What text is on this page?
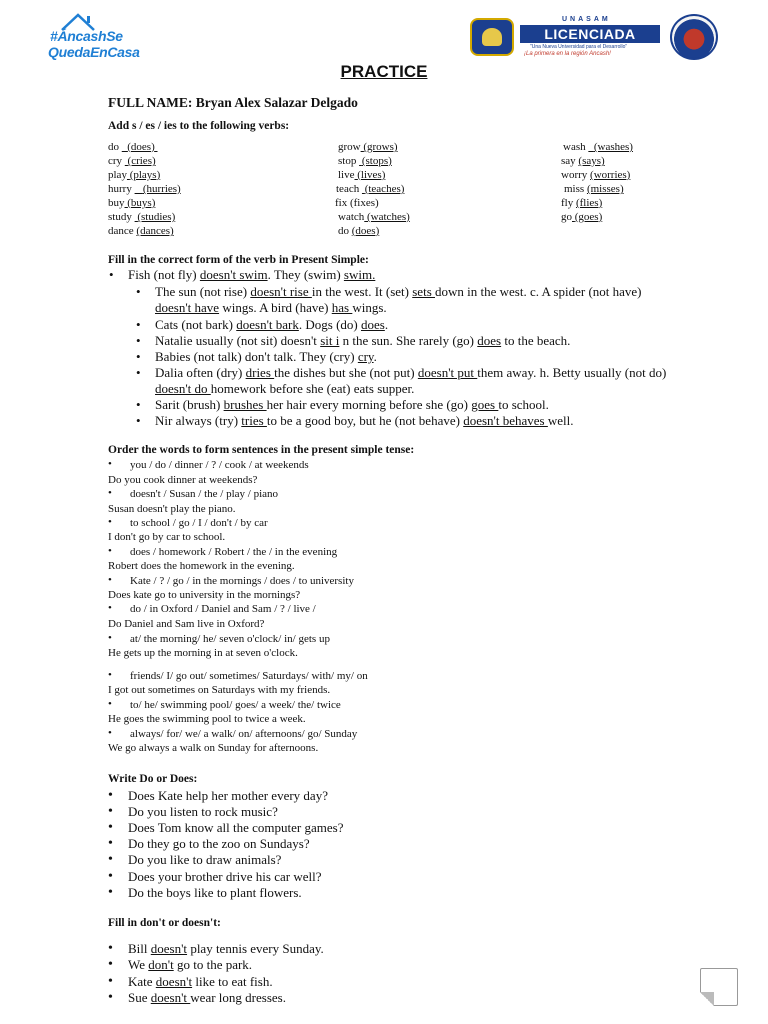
#ÁncashSe
QuedaEnCasa
UNASAM
LICENCIADA
"Una Nueva Universidad para el Desarrollo"
¡La primera en la región Ancash!
PRACTICE
FULL NAME: Bryan Alex Salazar Delgado
Add s / es / ies to the following verbs:
do (does)
cry (cries)
play (plays)
hurry (hurries)
buy (buys)
study (studies)
dance (dances)
grow (grows)
stop (stops)
live (lives)
teach (teaches)
fix (fixes)
watch (watches)
do (does)
wash (washes)
say (says)
worry (worries)
miss (misses)
fly (flies)
go (goes)
Fill in the correct form of the verb in Present Simple:
• Fish (not fly) doesn't swim. They (swim) swim.
• The sun (not rise) doesn't rise in the west. It (set) sets down in the west. c. A spider (not have)
doesn't have wings. A bird (have) has wings.
• Cats (not bark) doesn't bark. Dogs (do) does.
• Natalie usually (not sit) doesn't sit i n the sun. She rarely (go) does to the beach.
• Babies (not talk) don't talk. They (cry) cry.
• Dalia often (dry) dries the dishes but she (not put) doesn't put them away. h. Betty usually (not do)
doesn't do homework before she (eat) eats supper.
• Sarit (brush) brushes her hair every morning before she (go) goes to school.
• Nir always (try) tries to be a good boy, but he (not behave) doesn't behaves well.
Order the words to form sentences in the present simple tense:
• you / do / dinner / ? / cook / at weekends
Do you cook dinner at weekends?
• doesn't / Susan / the / play / piano
Susan doesn't play the piano.
• to school / go / I / don't / by car
I don't go by car to school.
• does / homework / Robert / the / in the evening
Robert does the homework in the evening.
• Kate / ? / go / in the mornings / does / to university
Does kate go to university in the mornings?
• do / in Oxford / Daniel and Sam / ? / live /
Do Daniel and Sam live in Oxford?
• at/ the morning/ he/ seven o'clock/ in/ gets up
He gets up the morning in at seven o'clock.
• friends/ I/ go out/ sometimes/ Saturdays/ with/ my/ on
I got out sometimes on Saturdays with my friends.
• to/ he/ swimming pool/ goes/ a week/ the/ twice
He goes the swimming pool to twice a week.
• always/ for/ we/ a walk/ on/ afternoons/ go/ Sunday
We go always a walk on Sunday for afternoons.
Write Do or Does:
• Does Kate help her mother every day?
• Do you listen to rock music?
• Does Tom know all the computer games?
• Do they go to the zoo on Sundays?
• Do you like to draw animals?
• Does your brother drive his car well?
• Do the boys like to plant flowers.
Fill in don't or doesn't:
• Bill doesn't play tennis every Sunday.
• We don't go to the park.
• Kate doesn't like to eat fish.
• Sue doesn't wear long dresses.
